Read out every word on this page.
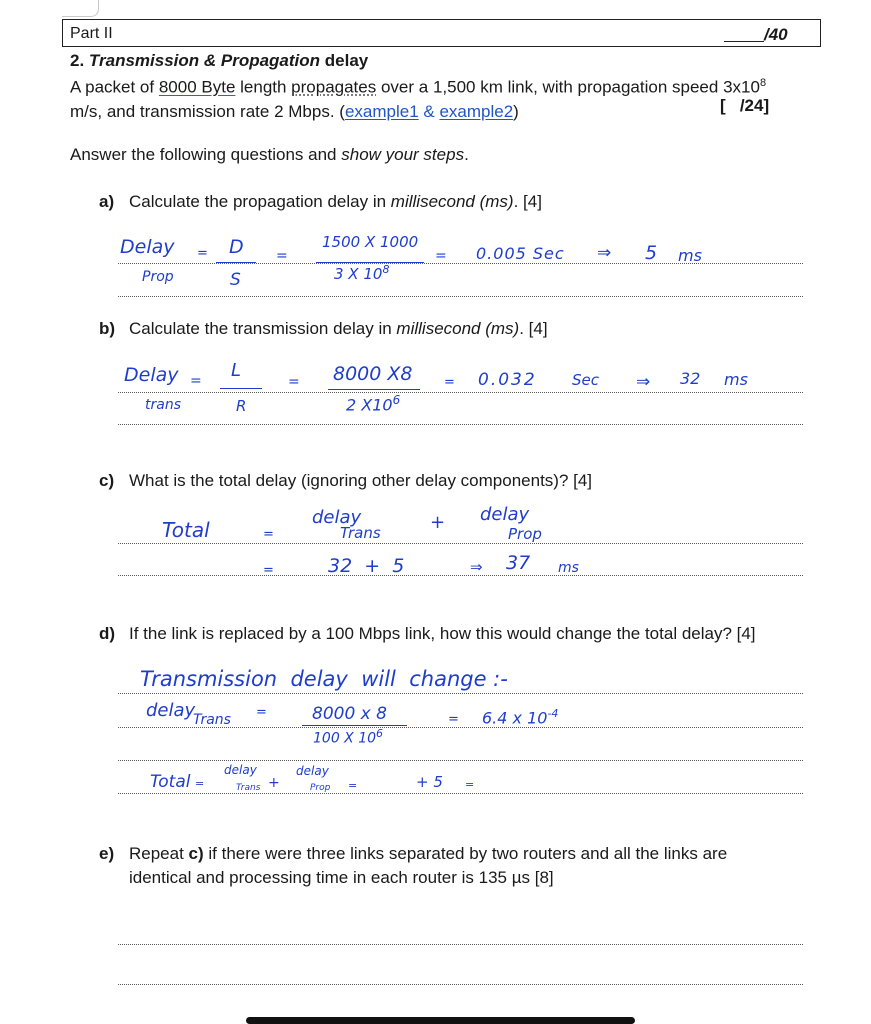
Part II	/40
2. Transmission & Propagation delay
A packet of 8000 Byte length propagates over a 1,500 km link, with propagation speed $3x10^8$
m/s, and transmission rate 2 Mbps. (example1 & example2)	[   /24]
Answer the following questions and show your steps.
a) Calculate the propagation delay in millisecond (ms). [4]
Delay
Prop
= D
S
=
1500 X 1000
3 X $10^8$
= 0.005 Sec ⇒ 5 ms
b) Calculate the transmission delay in millisecond (ms). [4]
Delay
trans
= L
R
= 8000 X8
2 $X10^6$
= 0.032 Sec ⇒ 32 ms
c) What is the total delay (ignoring other delay components)? [4]
Total	=
delay
Trans	+ delay
Prop
=	32  +  5	⇒ 37 ms
d) If the link is replaced by a 100 Mbps link, how this would change the total delay? [4]
Transmission  delay  will  change :-
delay
Trans =	8000 x 8
100 X $10^6$
= 6.4 x $10^{-4}$
Total =
delay
Trans +
delay
Prop =	+ 5 =
e) Repeat c) if there were three links separated by two routers and all the links are
identical and processing time in each router is 135 µs [8]
